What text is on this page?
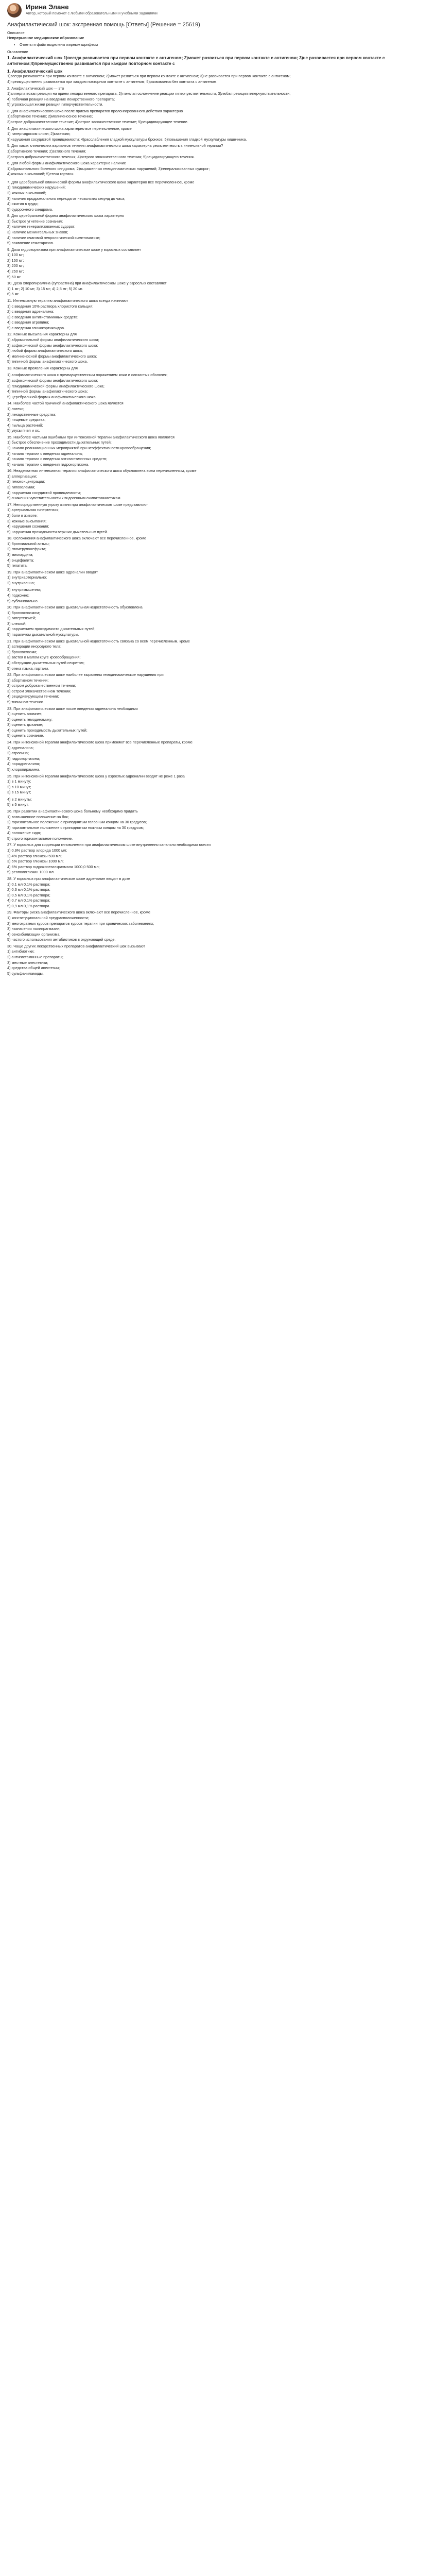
Ирина Элане
Автор, который поможет с любыми образовательными и учебными заданиями
Анафилактический шок: экстренная помощь [Ответы] (Решение = 25619)
Описание:
Непрерывное медицинское образование
• Ответы и файл выделены жирным шрифтом
Оглавление
1. Анафилактический шок 1)всегда развивается при первом контакте с антигеном; 2)может развиться при первом контакте с антигеном; 3)не развивается при первом контакте с антигеном;4)преимущественно развивается при каждом повторном контакте с
1. Анафилактический шок
1)всегда развивается при первом контакте с антигеном; 2)может развиться при первом контакте с антигеном; 3)не развивается при первом контакте с антигеном;
4)преимущественно развивается при каждом повторном контакте с антигеном; 5)развивается без контакта с антигеном.
2. Анафилактический шок — это
1)аллергическая реакция на прием лекарственного препарата; 2)тяжелая осложнение реакции гиперчувствительности; 3)любая реакция гиперчувствительности;
4) побочная реакция на введение лекарственного препарата;
5) угрожающая жизни реакция гиперчувствительности.
3. Для анафилактического шока после приема препаратов пролонгированного действия характерно
1)абортивное течение; 2)молниеносное течение;
3)острое доброкачественное течение; 4)острое злокачественное течение; 5)рецидивирующее течение.
4. Для анафилактического шока характерно все перечисленное, кроме
1) гипергидрозом слизи; 2)кахексии;
3)нарушения сосудистой проницаемости; 4)расслабления гладкой мускулатуры бронхов; 5)повышения гладкой мускулатуры кишечника.
5. Для каких клинических вариантов течения анафилактического шока характерна резистентность к интенсивной терапии?
1)абортивного течения; 2)затяжного течения;
3)острого доброкачественного течения; 4)острого злокачественного течения; 5)рецидивирующего течения.
6. Для любой формы анафилактического шока характерно наличие
1)абдоминального болевого синдрома; 2)выраженных гемодинамических нарушений; 3)генерализованных судорог;
4)кожных высыпаний; 5)стека гортани.
7. Для церебральной клинической формы анафилактического шока характерно все перечисленное, кроме
1) гемодинамических нарушений;
2) кожных высыпаний;
3) наличия продромального периода от нескольких секунд до часа;
4) сжатия в груди;
5) судорожного синдрома.
8. Для церебральной формы анафилактического шока характерно
1) быстрое угнетение сознания;
2) наличие генерализованных судорог;
3) наличие менингеальных знаков;
4) наличие очаговой неврологической симптоматики;
5) появление гематарозов.
9. Доза гидрокортизона при анафилактическом шоке у взрослых составляет
1) 100 мг;
2) 150 мг;
3) 200 мг;
4) 250 мг;
5) 50 мг.
10. Доза хлоропирамина (супрастина) при анафилактическом шоке у взрослых составляет
1) 1 мг; 2) 10 мг; 3) 15 мг; 4) 2,5 мг; 5) 20 мг.
6) 5 мг.
11. Интенсивную терапию анафилактического шока всегда начинают
1) с введения 10% раствора хлористого кальция;
2) с введения адреналина;
3) с введения антигистаминных средств;
4) с введения атропина;
5) с введения глюкокортикоидов.
12. Кожные высыпания характерны для
1) абдоминальной формы анафилактического шока;
2) асфиксической формы анафилактического шока;
3) любой формы анафилактического шока;
4) молниеносной формы анафилактического шока;
5) типичной формы анафилактического шока.
13. Кожные проявления характерны для
1) анафилактического шока с преимущественным поражением кожи и слизистых оболочек;
2) асфиксической формы анафилактического шока;
3) гемодинамической формы анафилактического шока;
4) типичной формы анафилактического шока;
5) церебральной формы анафилактического шока.
14. Наиболее частой причиной анафилактического шока является
1) латекс;
2) лекарственные средства;
3) пищевые средства;
4) пыльца растений;
5) укусы пчел и ос.
15. Наиболее частыми ошибками при интенсивной терапии анафилактического шока являются
1) быстрое обеспечение проходимости дыхательных путей;
2) начало реанимационных мероприятий при неэффективности кровообращения;
3) начало терапии с введения адреналина;
4) начало терапии с введения антигистаминных средств;
5) начало терапии с введения гидрокортизона.
16. Неадекватная интенсивная терапия анафилактического шока обусловлена всем перечисленным, кроме
1) аллергизации;
2) гемоконцентрации;
3) гиповолемии;
4) нарушения сосудистой проницаемости;
5) снижения чувствительности к эндогенным симпатомиметикам.
17. Непосредственную угрозу жизни при анафилактическом шоке представляют
1) артериальная гипертензия;
2) боли в животе;
3) кожные высыпания;
4) нарушения сознания;
5) нарушения проходимости верхних дыхательных путей.
18. Осложнения анафилактического шока включают все перечисленное, кроме
1) бронхиальной астмы;
2) гломерулонефрита;
3) миокардита;
4) энцефалита;
5) гепатита.
19. При анафилактическом шоке адреналин вводят
1) внутриартериально;
2) внутривенно;
3) внутримышечно;
4) подкожно;
5) сублингвально.
20. При анафилактическом шоке дыхательная недостаточность обусловлена
1) бронхоспазмом;
2) гипертензией;
3) слезкой;
4) нарушением проходимости дыхательных путей;
5) параличом дыхательной мускулатуры.
21. При анафилактическом шоке дыхательной недостаточность связана со всем перечисленным, кроме
1) аспирации инородного тела;
2) бронхоспазма;
3) застоя в малом круге кровообращения;
4) обструкции дыхательных путей секретом;
5) отека языка, гортани.
22. При анафилактическом шоке наиболее выражены гемодинамические нарушения при
1) абортивном течении;
2) остром доброкачественном течении;
3) остром злокачественном течении;
4) рецидивирующем течении;
5) типичном течении.
23. При анафилактическом шоке после введения адреналина необходимо
1) оценить анамнез;
2) оценить гемодинамику;
3) оценить дыхание;
4) оценить проходимость дыхательных путей;
5) оценить сознание.
24. При интенсивной терапии анафилактического шока применяют все перечисленные препараты, кроме
1) адреналина;
2) атропина;
3) гидрокортизона;
4) норадреналина;
5) хлоропирамина.
25. При интенсивной терапии анафилактического шока у взрослых адреналин вводят не реже 1 раза
1) в 1 минуту;
2) в 10 минут;
3) в 15 минут;
4) в 2 минуты;
5) в 5 минут.
26. При развитии анафилактического шока больному необходимо придать
1) возвышенное положение на бок;
2) горизонтальное положение с приподнятым головным концом на 30 градусов;
3) горизонтальное положение с приподнятым ножным концом на 30 градусов;
4) положение сидя;
5) строго горизонтальное положение.
27. У взрослых для коррекции гиповолемии при анафилактическом шоке внутривенно капельно необходимо ввести
1) 0,9% раствор хлорида 1000 мл;
2) 4% раствор глюкозы 500 мл;
3) 5% раствор глюкозы 1000 мл;
4) 6% раствор гидроксиэтилкрахмала 1000,0 500 мл;
5) реополиглюкин 1000 мл.
28. У взрослых при анафилактическом шоке адреналин вводят в дозе
1) 0,1 мл 0,1% раствора;
2) 0,3 мл 0,1% раствора;
3) 0,5 мл 0,1% раствора;
4) 0,7 мл 0,1% раствора;
5) 0,9 мл 0,1% раствора.
29. Факторы риска анафилактического шока включают все перечисленное, кроме
1) конституциональной предрасположенности;
2) многократных курсов препаратов курсов терапии при хронических заболеваниях;
3) назначения полипрагмазии;
4) сенсибилизации организма;
5) частого использования антибиотиков в окружающей среде.
30. Чаще других лекарственных препаратов анафилактический шок вызывают
1) антибиотики;
2) антигистаминные препараты;
3) местные анестетики;
4) средства общей анестезии;
5) сульфаниламиды.
